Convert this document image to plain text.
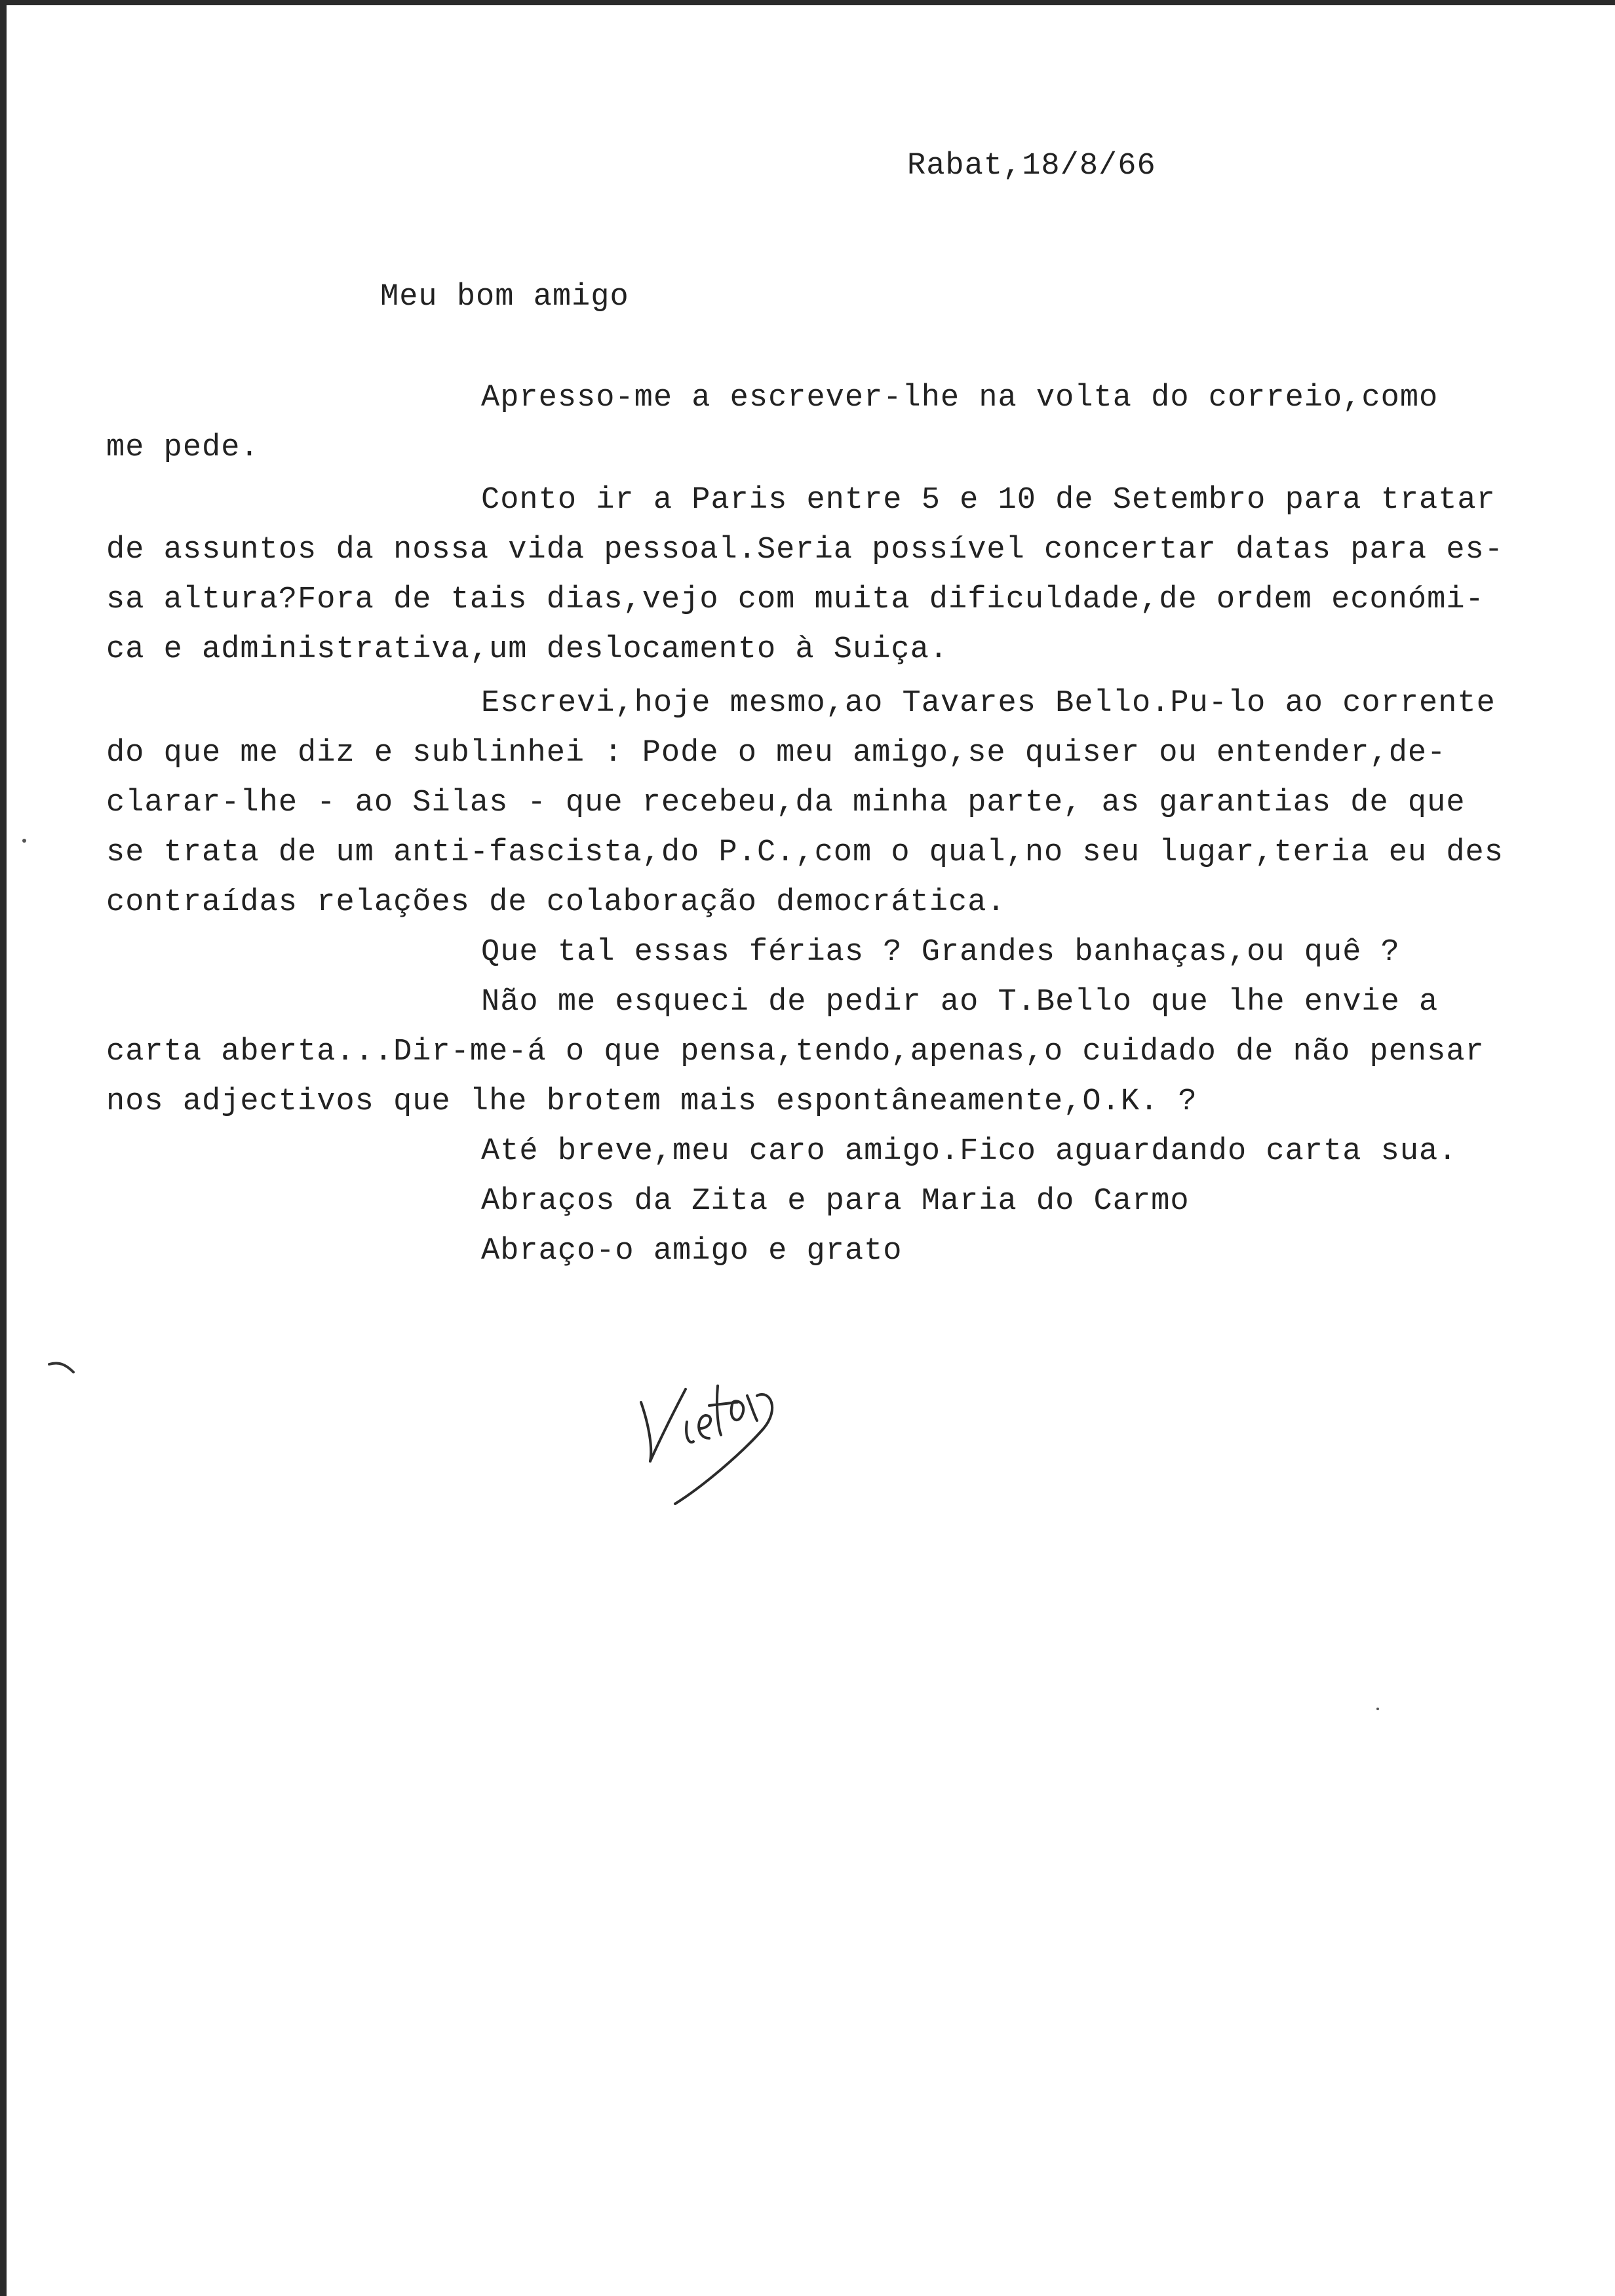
Rabat,18/8/66
Meu bom amigo
Apresso-me a escrever-lhe na volta do correio,como
me pede.
Conto ir a Paris entre 5 e 10 de Setembro para tratar
de assuntos da nossa vida pessoal.Seria possível concertar datas para es-
sa altura?Fora de tais dias,vejo com muita dificuldade,de ordem económi-
ca e administrativa,um deslocamento à Suiça.
Escrevi,hoje mesmo,ao Tavares Bello.Pu-lo ao corrente
do que me diz e sublinhei : Pode o meu amigo,se quiser ou entender,de-
clarar-lhe - ao Silas - que recebeu,da minha parte, as garantias de que
se trata de um anti-fascista,do P.C.,com o qual,no seu lugar,teria eu des
contraídas relações de colaboração democrática.
Que tal essas férias ? Grandes banhaças,ou quê ?
Não me esqueci de pedir ao T.Bello que lhe envie a
carta aberta...Dir-me-á o que pensa,tendo,apenas,o cuidado de não pensar
nos adjectivos que lhe brotem mais espontâneamente,O.K. ?
Até breve,meu caro amigo.Fico aguardando carta sua.
Abraços da Zita e para Maria do Carmo
Abraço-o amigo e grato
